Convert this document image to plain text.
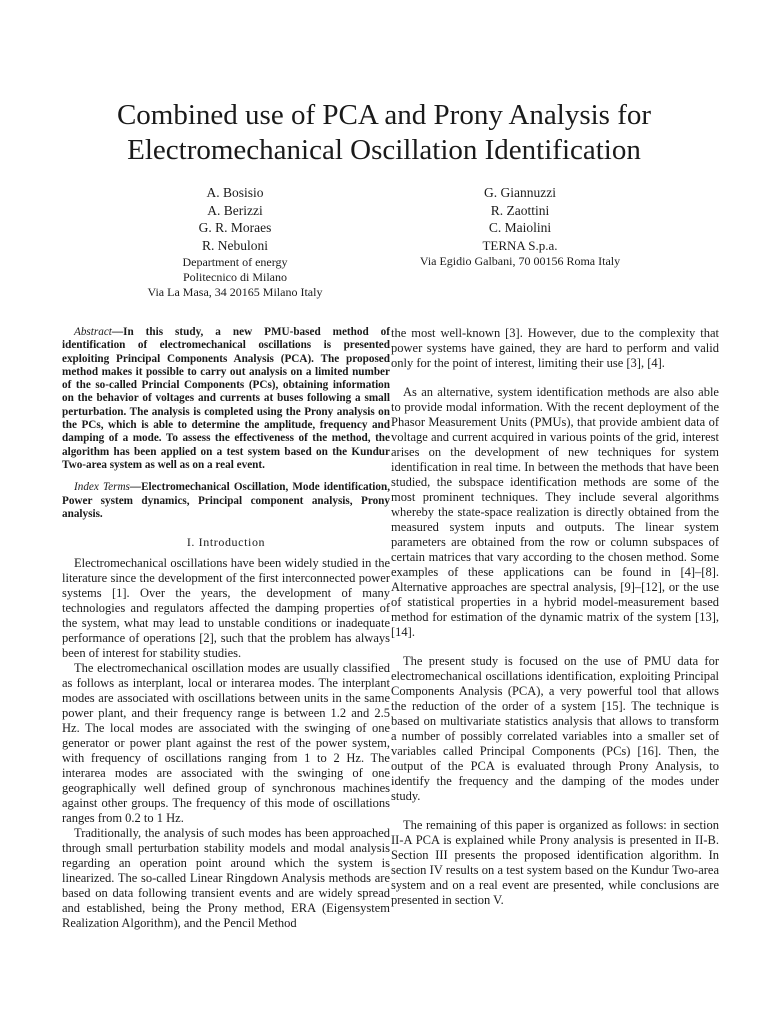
Combined use of PCA and Prony Analysis for
Electromechanical Oscillation Identification
A. Bosisio
A. Berizzi
G. R. Moraes
R. Nebuloni
Department of energy
Politecnico di Milano
Via La Masa, 34 20165 Milano Italy
G. Giannuzzi
R. Zaottini
C. Maiolini
TERNA S.p.a.
Via Egidio Galbani, 70 00156 Roma Italy

Abstract—In this study, a new PMU-based method of identification of electromechanical oscillations is presented exploiting Principal Components Analysis (PCA). The proposed method makes it possible to carry out analysis on a limited number of the so-called Princial Components (PCs), obtaining information on the behavior of voltages and currents at buses following a small perturbation. The analysis is completed using the Prony analysis on the PCs, which is able to determine the amplitude, frequency and damping of a mode. To assess the effectiveness of the method, the algorithm has been applied on a test system based on the Kundur Two-area system as well as on a real event.

Index Terms—Electromechanical Oscillation, Mode identification, Power system dynamics, Principal component analysis, Prony analysis.

I. Introduction

Electromechanical oscillations have been widely studied in the literature since the development of the first interconnected power systems [1]. Over the years, the development of many technologies and regulators affected the damping properties of the system, what may lead to unstable conditions or inadequate performance of operations [2], such that the problem has always been of interest for stability studies.

The electromechanical oscillation modes are usually classified as follows as interplant, local or interarea modes. The interplant modes are associated with oscillations between units in the same power plant, and their frequency range is between 1.2 and 2.5 Hz. The local modes are associated with the swinging of one generator or power plant against the rest of the power system, with frequency of oscillations ranging from 1 to 2 Hz. The interarea modes are associated with the swinging of one geographically well defined group of synchronous machines against other groups. The frequency of this mode of oscillations ranges from 0.2 to 1 Hz.

Traditionally, the analysis of such modes has been approached through small perturbation stability models and modal analysis regarding an operation point around which the system is linearized. The so-called Linear Ringdown Analysis methods are based on data following transient events and are widely spread and established, being the Prony method, ERA (Eigensystem Realization Algorithm), and the Pencil Method

the most well-known [3]. However, due to the complexity that power systems have gained, they are hard to perform and valid only for the point of interest, limiting their use [3], [4].

As an alternative, system identification methods are also able to provide modal information. With the recent deployment of the Phasor Measurement Units (PMUs), that provide ambient data of voltage and current acquired in various points of the grid, interest arises on the development of new techniques for system identification in real time. In between the methods that have been studied, the subspace identification methods are some of the most prominent techniques. They include several algorithms whereby the state-space realization is directly obtained from the measured system inputs and outputs. The linear system parameters are obtained from the row or column subspaces of certain matrices that vary according to the chosen method. Some examples of these applications can be found in [4]–[8]. Alternative approaches are spectral analysis, [9]–[12], or the use of statistical properties in a hybrid model-measurement based method for estimation of the dynamic matrix of the system [13], [14].

The present study is focused on the use of PMU data for electromechanical oscillations identification, exploiting Principal Components Analysis (PCA), a very powerful tool that allows the reduction of the order of a system [15]. The technique is based on multivariate statistics analysis that allows to transform a number of possibly correlated variables into a smaller set of variables called Principal Components (PCs) [16]. Then, the output of the PCA is evaluated through Prony Analysis, to identify the frequency and the damping of the modes under study.

The remaining of this paper is organized as follows: in section II-A PCA is explained while Prony analysis is presented in II-B. Section III presents the proposed identification algorithm. In section IV results on a test system based on the Kundur Two-area system and on a real event are presented, while conclusions are presented in section V.
